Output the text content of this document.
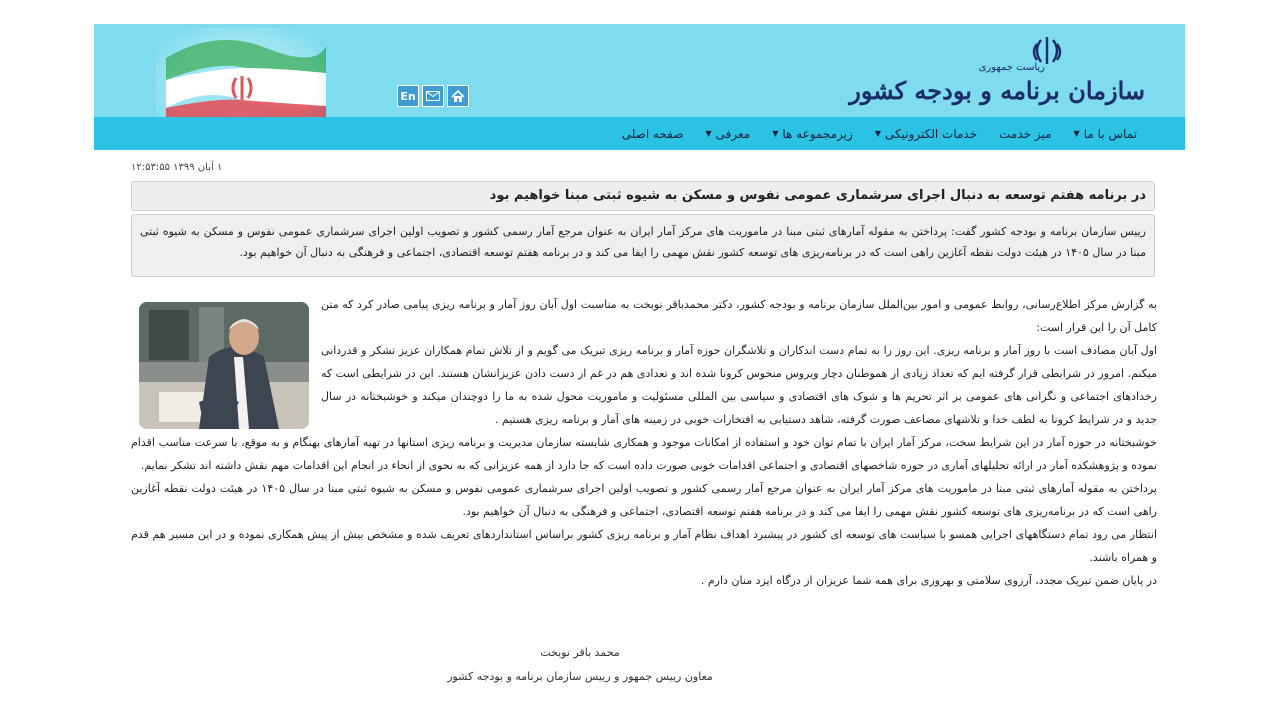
En
ریاست جمهوری
سازمان برنامه و بودجه کشور
صفحه اصلی	معرفی
▼	زیرمجموعه ها
▼	خدمات الکترونیکی
▼	میز خدمت	تماس با ما
▼
۱ آبان ۱۳۹۹ ۱۲:۵۳:۵۵
در برنامه هفتم توسعه به دنبال اجرای سرشماری عمومی نفوس و مسکن به شیوه ثبتی مبنا خواهیم بود
رییس سازمان برنامه و بودجه کشور گفت: پرداختن به مقوله آمارهای ثبتی مبنا در ماموریت های مرکز آمار ایران به عنوان مرجع آمار رسمی کشور و تصویب اولین اجرای سرشماری عمومی نفوس و مسکن به شیوه ثبتی مبنا در سال ۱۴۰۵ در هیئت دولت نقطه آغازین راهی است که در برنامه‌ریزی های توسعه کشور نقش مهمی را ایفا می کند و در برنامه هفتم توسعه اقتصادی، اجتماعی و فرهنگی به دنبال آن خواهیم بود.

به گزارش مرکز اطلاع‌رسانی، روابط عمومی و امور بین‌الملل سازمان برنامه و بودجه کشور، دکتر محمدباقر نوبخت به مناسبت اول آبان روز آمار و برنامه ریزی پیامی صادر کرد که متن کامل آن را این قرار است:

اول آبان مصادف است با روز آمار و برنامه ریزی. این روز را به تمام دست اندکاران و تلاشگران حوزه آمار و برنامه ریزی تبریک می گویم و از تلاش تمام همکاران عزیز تشکر و قدردانی میکنم. امروز در شرایطی قرار گرفته ایم که تعداد زیادی از هموطنان دچار ویروس منحوس کرونا شده اند و تعدادی هم در غم از دست دادن عزیزانشان هستند. این در شرایطی است که رخدادهای اجتماعی و نگرانی های عمومی بر اثر تحریم ها و شوک های اقتصادی و سیاسی بین المللی مسئولیت و ماموریت محول شده به ما را دوچندان میکند و خوشبختانه در سال جدید و در شرایط کرونا به لطف خدا و تلاشهای مضاعف صورت گرفته، شاهد دستیابی به افتخارات خوبی در زمینه های آمار و برنامه ریزی هستیم .

خوشبختانه در حوزه آمار در این شرایط سخت، مرکز آمار ایران با تمام توان خود و استفاده از امکانات موجود و همکاری شایسته سازمان مدیریت و برنامه ریزی استانها در تهیه آمارهای بهنگام و به موقع، با سرعت مناسب اقدام نموده و پژوهشکده آمار در ارائه تحلیلهای آماری در حوزه شاخصهای اقتصادی و اجتماعی اقدامات خوبی صورت داده است که جا دارد از همه عزیزانی که به نحوی از انحاء در انجام این اقدامات مهم نقش داشته اند تشکر نمایم.

پرداختن به مقوله آمارهای ثبتی مبنا در ماموریت های مرکز آمار ایران به عنوان مرجع آمار رسمی کشور و تصویب اولین اجرای سرشماری عمومی نفوس و مسکن به شیوه ثبتی مبنا در سال ۱۴۰۵ در هیئت دولت نقطه آغازین راهی است که در برنامه‌ریزی های توسعه کشور نقش مهمی را ایفا می کند و در برنامه هفتم توسعه اقتصادی، اجتماعی و فرهنگی به دنبال آن خواهیم بود.

انتظار می رود تمام دستگاههای اجرایی همسو با سیاست های توسعه ای کشور در پیشبرد اهداف نظام آمار و برنامه ریزی کشور براساس استانداردهای تعریف شده و مشخص بیش از پیش همکاری نموده و در این مسیر هم قدم و همراه باشند.

در پایان ضمن تبریک مجدد، آرزوی سلامتی و بهروزی برای همه شما عزیزان از درگاه ایزد منان دارم .

محمد باقر نوبخت
معاون رییس جمهور و رییس سازمان برنامه و بودجه کشور
